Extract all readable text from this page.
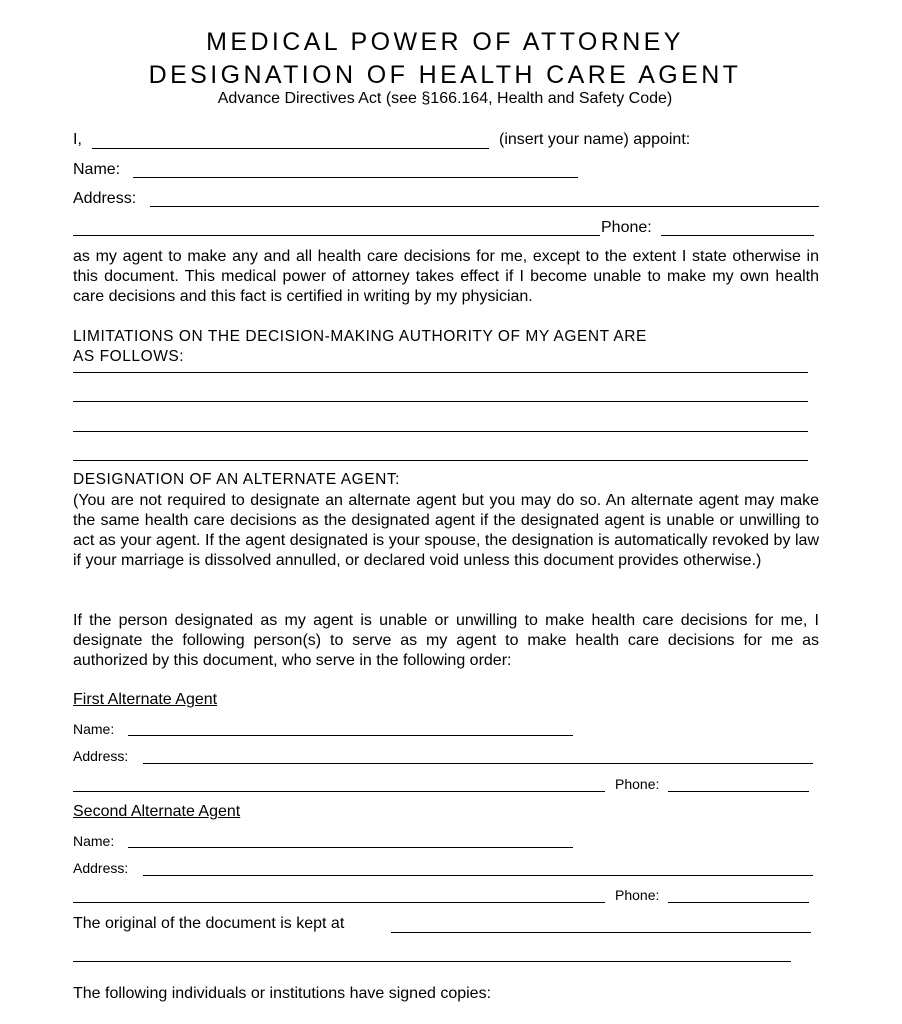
MEDICAL POWER OF ATTORNEY
DESIGNATION OF HEALTH CARE AGENT
Advance Directives Act (see §166.164, Health and Safety Code)
I,	(insert your name) appoint:
Name:
Address:
Phone:
as my agent to make any and all health care decisions for me, except to the extent I state otherwise in this document. This medical power of attorney takes effect if I become unable to make my own health care decisions and this fact is certified in writing by my physician.
LIMITATIONS ON THE DECISION-MAKING AUTHORITY OF MY AGENT ARE
AS FOLLOWS:
DESIGNATION OF AN ALTERNATE AGENT:
(You are not required to designate an alternate agent but you may do so. An alternate agent may make the same health care decisions as the designated agent if the designated agent is unable or unwilling to act as your agent. If the agent designated is your spouse, the designation is automatically revoked by law if your marriage is dissolved annulled, or declared void unless this document provides otherwise.)
If the person designated as my agent is unable or unwilling to make health care decisions for me, I designate the following person(s) to serve as my agent to make health care decisions for me as authorized by this document, who serve in the following order:
First Alternate Agent
Name:
Address:
Phone:
Second Alternate Agent
Name:
Address:
Phone:
The original of the document is kept at
The following individuals or institutions have signed copies:
